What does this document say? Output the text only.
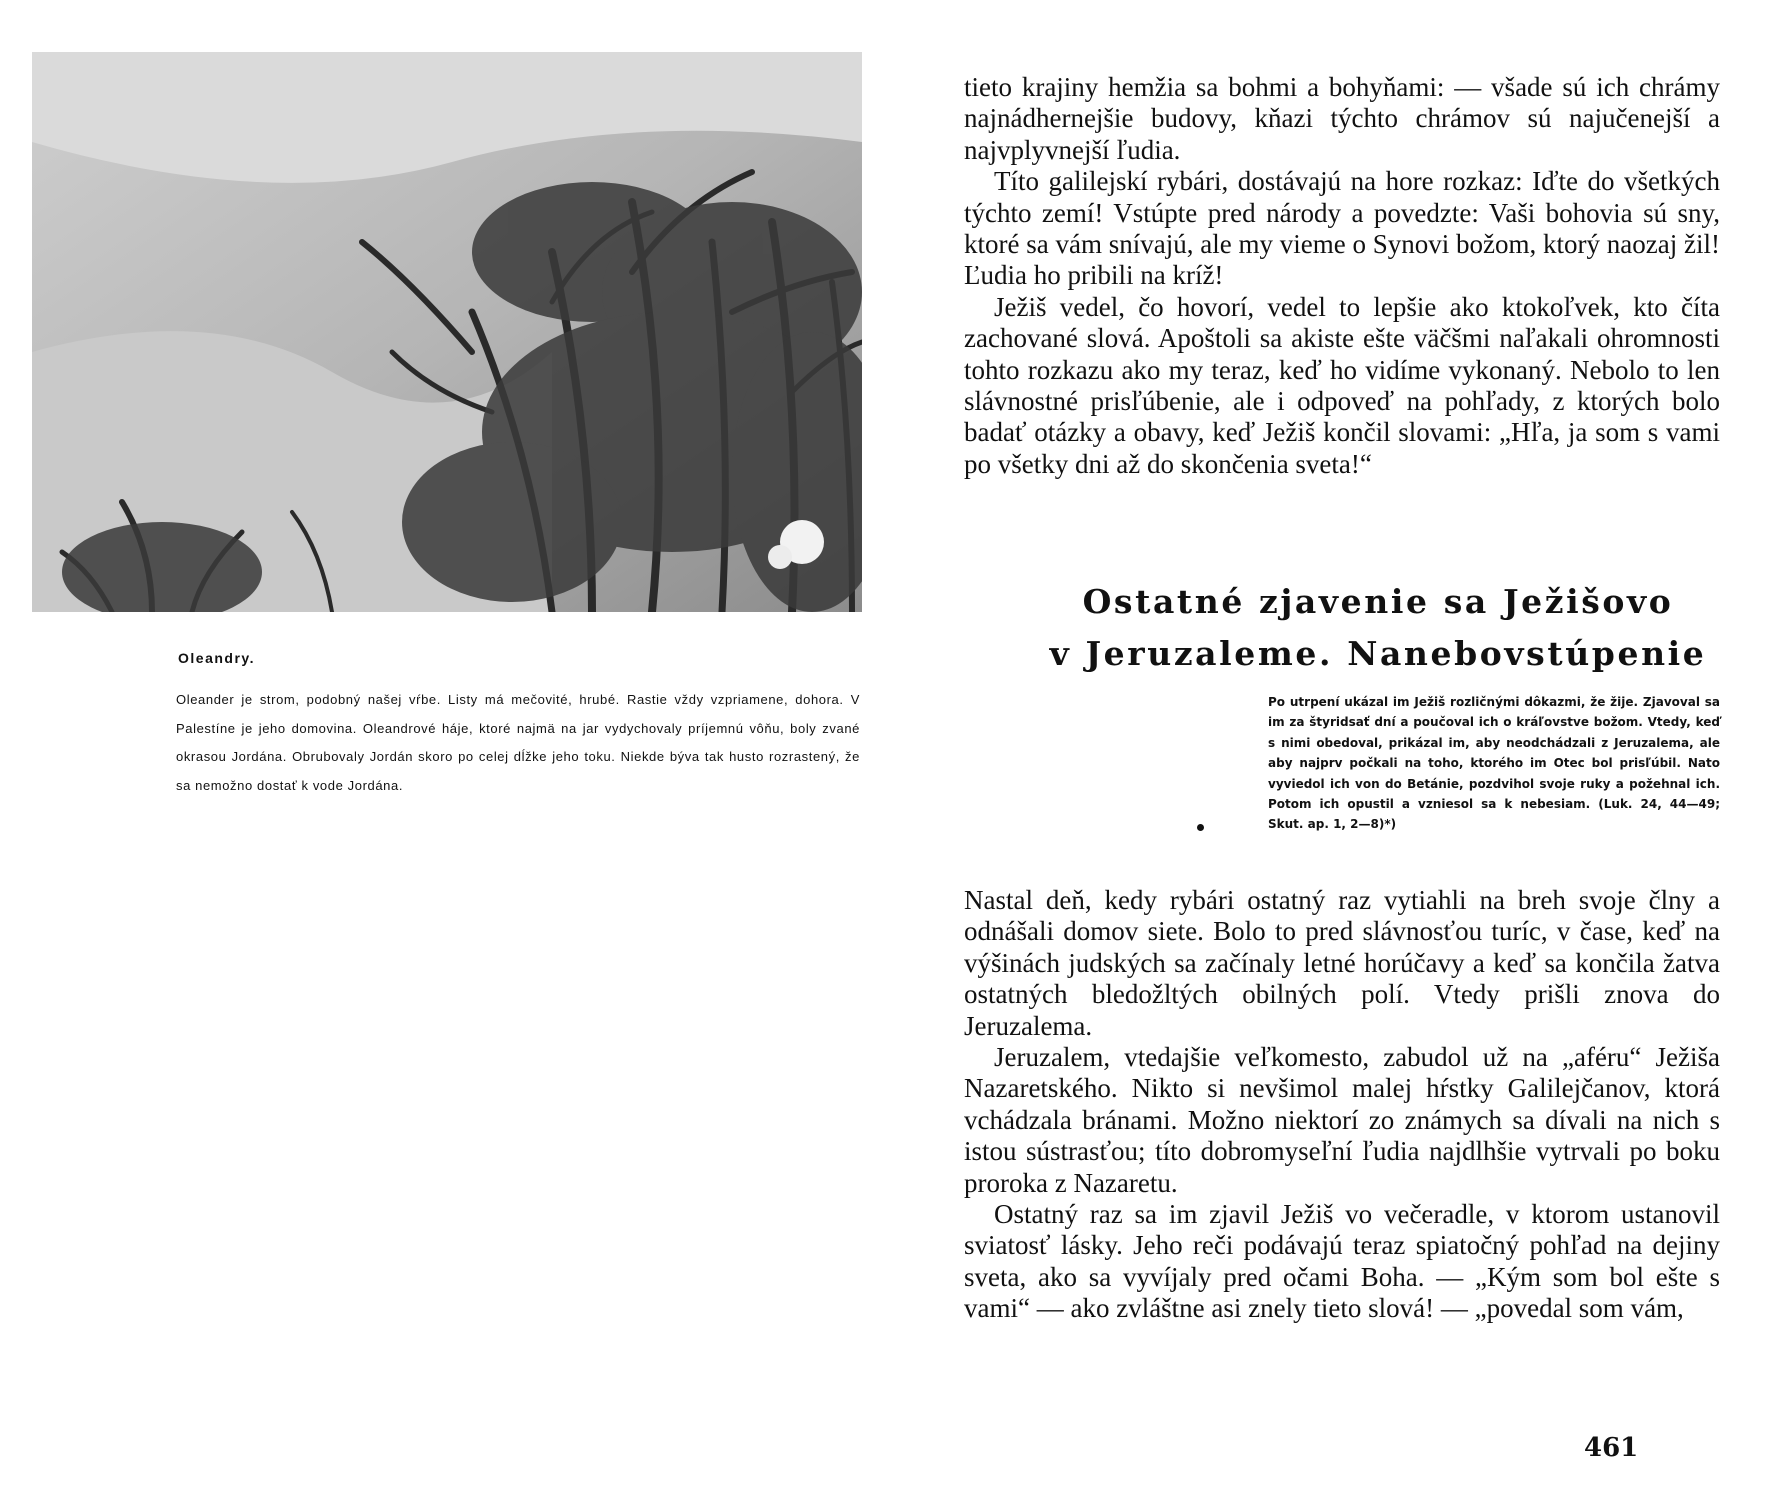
Oleandry.
Oleander je strom, podobný našej vŕbe. Listy má mečovité, hrubé. Rastie vždy vzpriamene, dohora. V Palestíne je jeho domovina. Oleandrové háje, ktoré najmä na jar vydychovaly príjemnú vôňu, boly zvané okrasou Jordána. Obrubovaly Jordán skoro po celej dĺžke jeho toku. Niekde býva tak husto rozrastený, že sa nemožno dostať k vode Jordána.

tieto krajiny hemžia sa bohmi a bohyňami: — všade sú ich chrámy najnádhernejšie budovy, kňazi týchto chrámov sú najučenejší a najvplyvnejší ľudia.

Títo galilejskí rybári, dostávajú na hore rozkaz: Iďte do všetkých týchto zemí! Vstúpte pred národy a povedzte: Vaši bohovia sú sny, ktoré sa vám snívajú, ale my vieme o Synovi božom, ktorý naozaj žil! Ľudia ho pribili na kríž!

Ježiš vedel, čo hovorí, vedel to lepšie ako ktokoľvek, kto číta zachované slová. Apoštoli sa akiste ešte väčšmi naľakali ohromnosti tohto rozkazu ako my teraz, keď ho vidíme vykonaný. Nebolo to len slávnostné prisľúbenie, ale i odpoveď na pohľady, z ktorých bolo badať otázky a obavy, keď Ježiš končil slovami: „Hľa, ja som s vami po všetky dni až do skončenia sveta!“

Ostatné zjavenie sa Ježišovo
v Jeruzaleme. Nanebovstúpenie
Po utrpení ukázal im Ježiš rozličnými dôkazmi, že žije. Zjavoval sa im za štyridsať dní a poučoval ich o kráľovstve božom. Vtedy, keď s nimi obedoval, prikázal im, aby neodchádzali z Jeruzalema, ale aby najprv počkali na toho, ktorého im Otec bol prisľúbil. Nato vyviedol ich von do Betánie, pozdvihol svoje ruky a požehnal ich. Potom ich opustil a vzniesol sa k nebesiam. (Luk. 24, 44—49; Skut. ap. 1, 2—8)*)

Nastal deň, kedy rybári ostatný raz vytiahli na breh svoje člny a odnášali domov siete. Bolo to pred slávnosťou turíc, v čase, keď na výšinách judských sa začínaly letné horúčavy a keď sa končila žatva ostatných bledožltých obilných polí. Vtedy prišli znova do Jeruzalema.

Jeruzalem, vtedajšie veľkomesto, zabudol už na „aféru“ Ježiša Nazaretského. Nikto si nevšimol malej hŕstky Galilejčanov, ktorá vchádzala bránami. Možno niektorí zo známych sa dívali na nich s istou sústrasťou; títo dobromyseľní ľudia najdlhšie vytrvali po boku proroka z Nazaretu.

Ostatný raz sa im zjavil Ježiš vo večeradle, v ktorom ustanovil sviatosť lásky. Jeho reči podávajú teraz spiatočný pohľad na dejiny sveta, ako sa vyvíjaly pred očami Boha. — „Kým som bol ešte s vami“ — ako zvláštne asi znely tieto slová! — „povedal som vám,

461
